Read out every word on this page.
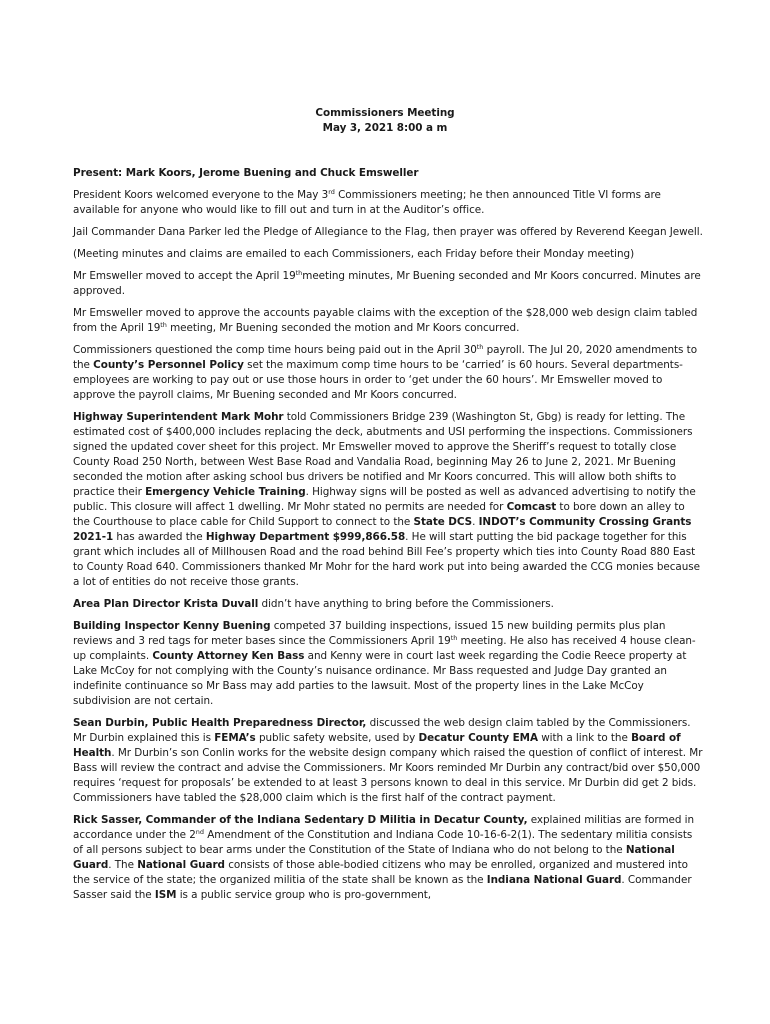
Commissioners Meeting
May 3, 2021 8:00 a m

Present: Mark Koors, Jerome Buening and Chuck Emsweller

President Koors welcomed everyone to the May 3rd Commissioners meeting; he then announced Title VI forms are available for anyone who would like to fill out and turn in at the Auditor’s office.

Jail Commander Dana Parker led the Pledge of Allegiance to the Flag, then prayer was offered by Reverend Keegan Jewell.

(Meeting minutes and claims are emailed to each Commissioners, each Friday before their Monday meeting)

Mr Emsweller moved to accept the April 19thmeeting minutes, Mr Buening seconded and Mr Koors concurred. Minutes are approved.

Mr Emsweller moved to approve the accounts payable claims with the exception of the $28,000 web design claim tabled from the April 19th meeting, Mr Buening seconded the motion and Mr Koors concurred.

Commissioners questioned the comp time hours being paid out in the April 30th payroll. The Jul 20, 2020 amendments to the County’s Personnel Policy set the maximum comp time hours to be ‘carried’ is 60 hours. Several departments- employees are working to pay out or use those hours in order to ‘get under the 60 hours’. Mr Emsweller moved to approve the payroll claims, Mr Buening seconded and Mr Koors concurred.

Highway Superintendent Mark Mohr told Commissioners Bridge 239 (Washington St, Gbg) is ready for letting. The estimated cost of $400,000 includes replacing the deck, abutments and USI performing the inspections. Commissioners signed the updated cover sheet for this project. Mr Emsweller moved to approve the Sheriff’s request to totally close County Road 250 North, between West Base Road and Vandalia Road, beginning May 26 to June 2, 2021. Mr Buening seconded the motion after asking school bus drivers be notified and Mr Koors concurred. This will allow both shifts to practice their Emergency Vehicle Training. Highway signs will be posted as well as advanced advertising to notify the public. This closure will affect 1 dwelling. Mr Mohr stated no permits are needed for Comcast to bore down an alley to the Courthouse to place cable for Child Support to connect to the State DCS. INDOT’s Community Crossing Grants 2021-1 has awarded the Highway Department $999,866.58. He will start putting the bid package together for this grant which includes all of Millhousen Road and the road behind Bill Fee’s property which ties into County Road 880 East to County Road 640. Commissioners thanked Mr Mohr for the hard work put into being awarded the CCG monies because a lot of entities do not receive those grants.

Area Plan Director Krista Duvall didn’t have anything to bring before the Commissioners.

Building Inspector Kenny Buening competed 37 building inspections, issued 15 new building permits plus plan reviews and 3 red tags for meter bases since the Commissioners April 19th meeting. He also has received 4 house clean-up complaints. County Attorney Ken Bass and Kenny were in court last week regarding the Codie Reece property at Lake McCoy for not complying with the County’s nuisance ordinance. Mr Bass requested and Judge Day granted an indefinite continuance so Mr Bass may add parties to the lawsuit. Most of the property lines in the Lake McCoy subdivision are not certain.

Sean Durbin, Public Health Preparedness Director, discussed the web design claim tabled by the Commissioners. Mr Durbin explained this is FEMA’s public safety website, used by Decatur County EMA with a link to the Board of Health. Mr Durbin’s son Conlin works for the website design company which raised the question of conflict of interest. Mr Bass will review the contract and advise the Commissioners. Mr Koors reminded Mr Durbin any contract/bid over $50,000 requires ‘request for proposals’ be extended to at least 3 persons known to deal in this service. Mr Durbin did get 2 bids. Commissioners have tabled the $28,000 claim which is the first half of the contract payment.

Rick Sasser, Commander of the Indiana Sedentary D Militia in Decatur County, explained militias are formed in accordance under the 2nd Amendment of the Constitution and Indiana Code 10-16-6-2(1). The sedentary militia consists of all persons subject to bear arms under the Constitution of the State of Indiana who do not belong to the National Guard. The National Guard consists of those able-bodied citizens who may be enrolled, organized and mustered into the service of the state; the organized militia of the state shall be known as the Indiana National Guard. Commander Sasser said the ISM is a public service group who is pro-government,
